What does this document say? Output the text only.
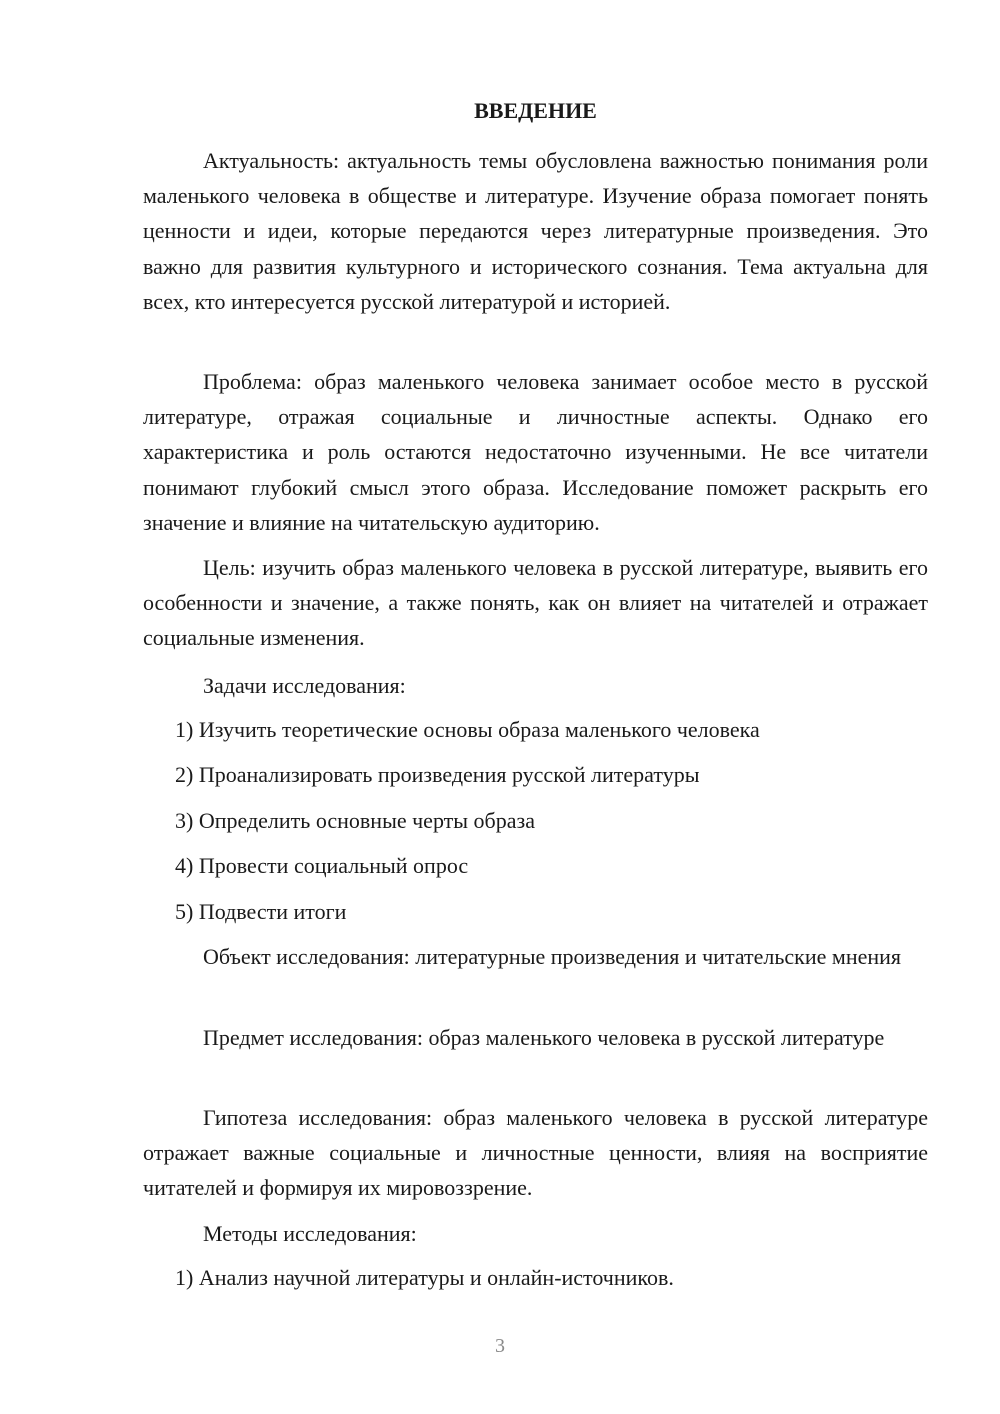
ВВЕДЕНИЕ

Актуальность: актуальность темы обусловлена важностью понимания роли маленького человека в обществе и литературе. Изучение образа помогает понять ценности и идеи, которые передаются через литературные произведения. Это важно для развития культурного и исторического сознания. Тема актуальна для всех, кто интересуется русской литературой и историей.

Проблема: образ маленького человека занимает особое место в русской литературе, отражая социальные и личностные аспекты. Однако его характеристика и роль остаются недостаточно изученными. Не все читатели понимают глубокий смысл этого образа. Исследование поможет раскрыть его значение и влияние на читательскую аудиторию.

Цель: изучить образ маленького человека в русской литературе, выявить его особенности и значение, а также понять, как он влияет на читателей и отражает социальные изменения.

Задачи исследования:

1) Изучить теоретические основы образа маленького человека

2) Проанализировать произведения русской литературы

3) Определить основные черты образа

4) Провести социальный опрос

5) Подвести итоги

Объект исследования: литературные произведения и читательские мнения

Предмет исследования: образ маленького человека в русской литературе

Гипотеза исследования: образ маленького человека в русской литературе отражает важные социальные и личностные ценности, влияя на восприятие читателей и формируя их мировоззрение.

Методы исследования:

1) Анализ научной литературы и онлайн-источников.

3
